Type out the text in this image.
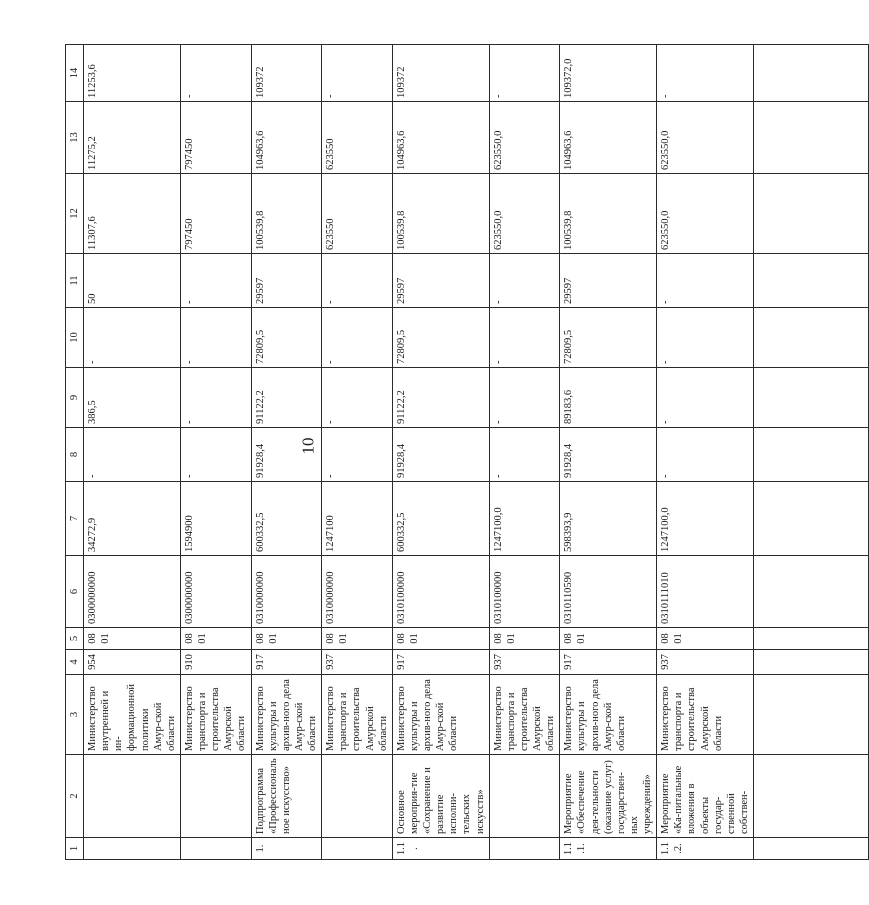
10
1	2	3	4	5	6	7	8	9	10	11	12	13	14
		Министерство внутренней и ин-формационной политики Амур-ской области	954	0801	0300000000	34272,9	-	386,5	-	50	11307,6	11275,2	11253,6
		Министерство транспорта и строительства Амурской области	910	0801	0300000000	1594900	-	-	-	-	797450	797450	-
1.	Подпрограмма «Профессиональное искусство»	Министерство культуры и архив-ного дела Амур-ской области	917	0801	0310000000	600332,5	91928,4	91122,2	72809,5	29597	100539,8	104963,6	109372
		Министерство транспорта и строительства Амурской области	937	0801	0310000000	1247100	-	-	-	-	623550	623550	-
1.1.	Основное мероприя-тие «Сохранение и развитие исполни-тельских искусств»	Министерство культуры и архив-ного дела Амур-ской области	917	0801	0310100000	600332,5	91928,4	91122,2	72809,5	29597	100539,8	104963,6	109372
		Министерство транспорта и строительства Амурской области	937	0801	0310100000	1247100,0	-	-	-	-	623550,0	623550,0	-
1.1.1.	Мероприятие «Обеспечение дея-тельности (оказание услуг) государствен-ных учреждений»	Министерство культуры и архив-ного дела Амур-ской области	917	0801	0310110590	598393,9	91928,4	89183,6	72809,5	29597	100539,8	104963,6	109372,0
1.1.2.	Мероприятие «Ка-питальные вложения в объекты государ-ственной собствен-	Министерство транспорта и строительства Амурской области	937	0801	0310111010	1247100,0	-	-	-	-	623550,0	623550,0	-
